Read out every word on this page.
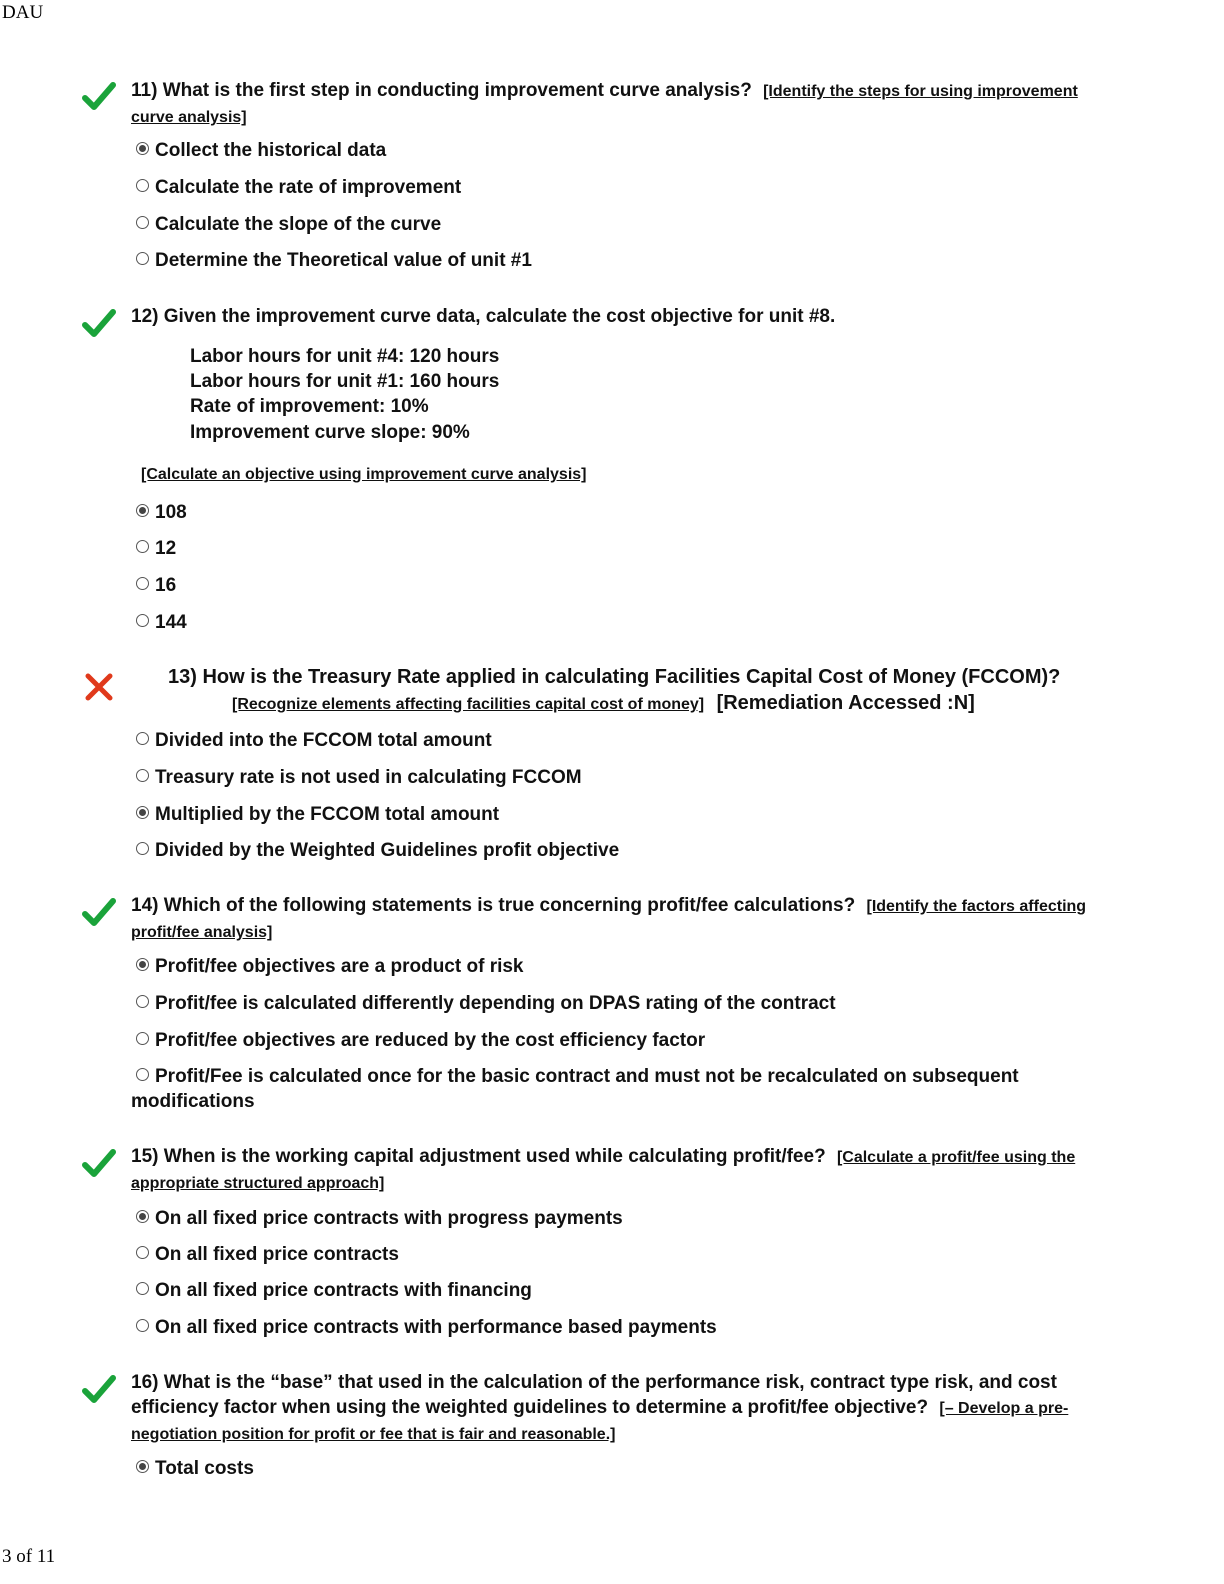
DAU
11) What is the first step in conducting improvement curve analysis? [Identify the steps for using improvement curve analysis]
Collect the historical data
Calculate the rate of improvement
Calculate the slope of the curve
Determine the Theoretical value of unit #1
12) Given the improvement curve data, calculate the cost objective for unit #8.
Labor hours for unit #4: 120 hours
Labor hours for unit #1: 160 hours
Rate of improvement: 10%
Improvement curve slope: 90%
[Calculate an objective using improvement curve analysis]
108
12
16
144
13) How is the Treasury Rate applied in calculating Facilities Capital Cost of Money (FCCOM)?
[Recognize elements affecting facilities capital cost of money] [Remediation Accessed :N]
Divided into the FCCOM total amount
Treasury rate is not used in calculating FCCOM
Multiplied by the FCCOM total amount
Divided by the Weighted Guidelines profit objective
14) Which of the following statements is true concerning profit/fee calculations? [Identify the factors affecting profit/fee analysis]
Profit/fee objectives are a product of risk
Profit/fee is calculated differently depending on DPAS rating of the contract
Profit/fee objectives are reduced by the cost efficiency factor
Profit/Fee is calculated once for the basic contract and must not be recalculated on subsequent modifications
15) When is the working capital adjustment used while calculating profit/fee? [Calculate a profit/fee using the appropriate structured approach]
On all fixed price contracts with progress payments
On all fixed price contracts
On all fixed price contracts with financing
On all fixed price contracts with performance based payments
16) What is the “base” that used in the calculation of the performance risk, contract type risk, and cost efficiency factor when using the weighted guidelines to determine a profit/fee objective? [– Develop a pre-negotiation position for profit or fee that is fair and reasonable.]
Total costs
3 of 11
